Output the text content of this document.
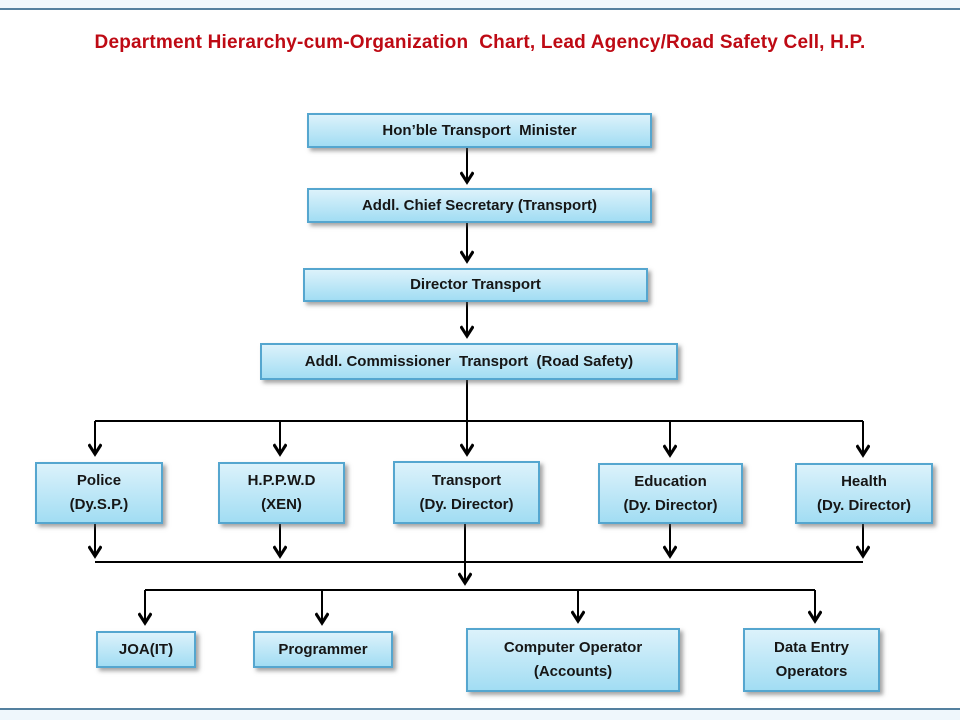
Department Hierarchy-cum-Organization  Chart, Lead Agency/Road Safety Cell, H.P.
Hon’ble Transport  Minister
Addl. Chief Secretary (Transport)
Director Transport
Addl. Commissioner  Transport  (Road Safety)
Police
(Dy.S.P.)
H.P.P.W.D
(XEN)
Transport
(Dy. Director)
Education
(Dy. Director)
Health
(Dy. Director)
JOA(IT)	Programmer	Computer Operator
(Accounts)
Data Entry
Operators
